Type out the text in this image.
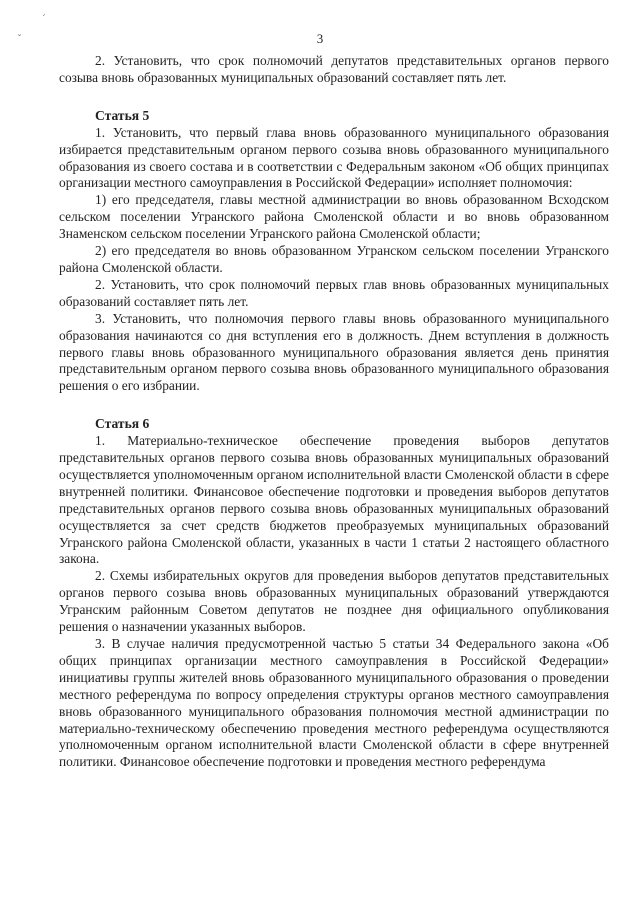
ˊ
ˇ	3

2. Установить, что срок полномочий депутатов представительных органов первого созыва вновь образованных муниципальных образований составляет пять лет.

Статья 5

1. Установить, что первый глава вновь образованного муниципального образования избирается представительным органом первого созыва вновь образованного муниципального образования из своего состава и в соответствии с Федеральным законом «Об общих принципах организации местного самоуправления в Российской Федерации» исполняет полномочия:

1) его председателя, главы местной администрации во вновь образованном Всходском сельском поселении Угранского района Смоленской области и во вновь образованном Знаменском сельском поселении Угранского района Смоленской области;

2) его председателя во вновь образованном Угранском сельском поселении Угранского района Смоленской области.

2. Установить, что срок полномочий первых глав вновь образованных муниципальных образований составляет пять лет.

3. Установить, что полномочия первого главы вновь образованного муниципального образования начинаются со дня вступления его в должность. Днем вступления в должность первого главы вновь образованного муниципального образования является день принятия представительным органом первого созыва вновь образованного муниципального образования решения о его избрании.

Статья 6

1. Материально-техническое обеспечение проведения выборов депутатов представительных органов первого созыва вновь образованных муниципальных образований осуществляется уполномоченным органом исполнительной власти Смоленской области в сфере внутренней политики. Финансовое обеспечение подготовки и проведения выборов депутатов представительных органов первого созыва вновь образованных муниципальных образований осуществляется за счет средств бюджетов преобразуемых муниципальных образований Угранского района Смоленской области, указанных в части 1 статьи 2 настоящего областного закона.

2. Схемы избирательных округов для проведения выборов депутатов представительных органов первого созыва вновь образованных муниципальных образований утверждаются Угранским районным Советом депутатов не позднее дня официального опубликования решения о назначении указанных выборов.

3. В случае наличия предусмотренной частью 5 статьи 34 Федерального закона «Об общих принципах организации местного самоуправления в Российской Федерации» инициативы группы жителей вновь образованного муниципального образования о проведении местного референдума по вопросу определения структуры органов местного самоуправления вновь образованного муниципального образования полномочия местной администрации по материально-техническому обеспечению проведения местного референдума осуществляются уполномоченным органом исполнительной власти Смоленской области в сфере внутренней политики. Финансовое обеспечение подготовки и проведения местного референдума
